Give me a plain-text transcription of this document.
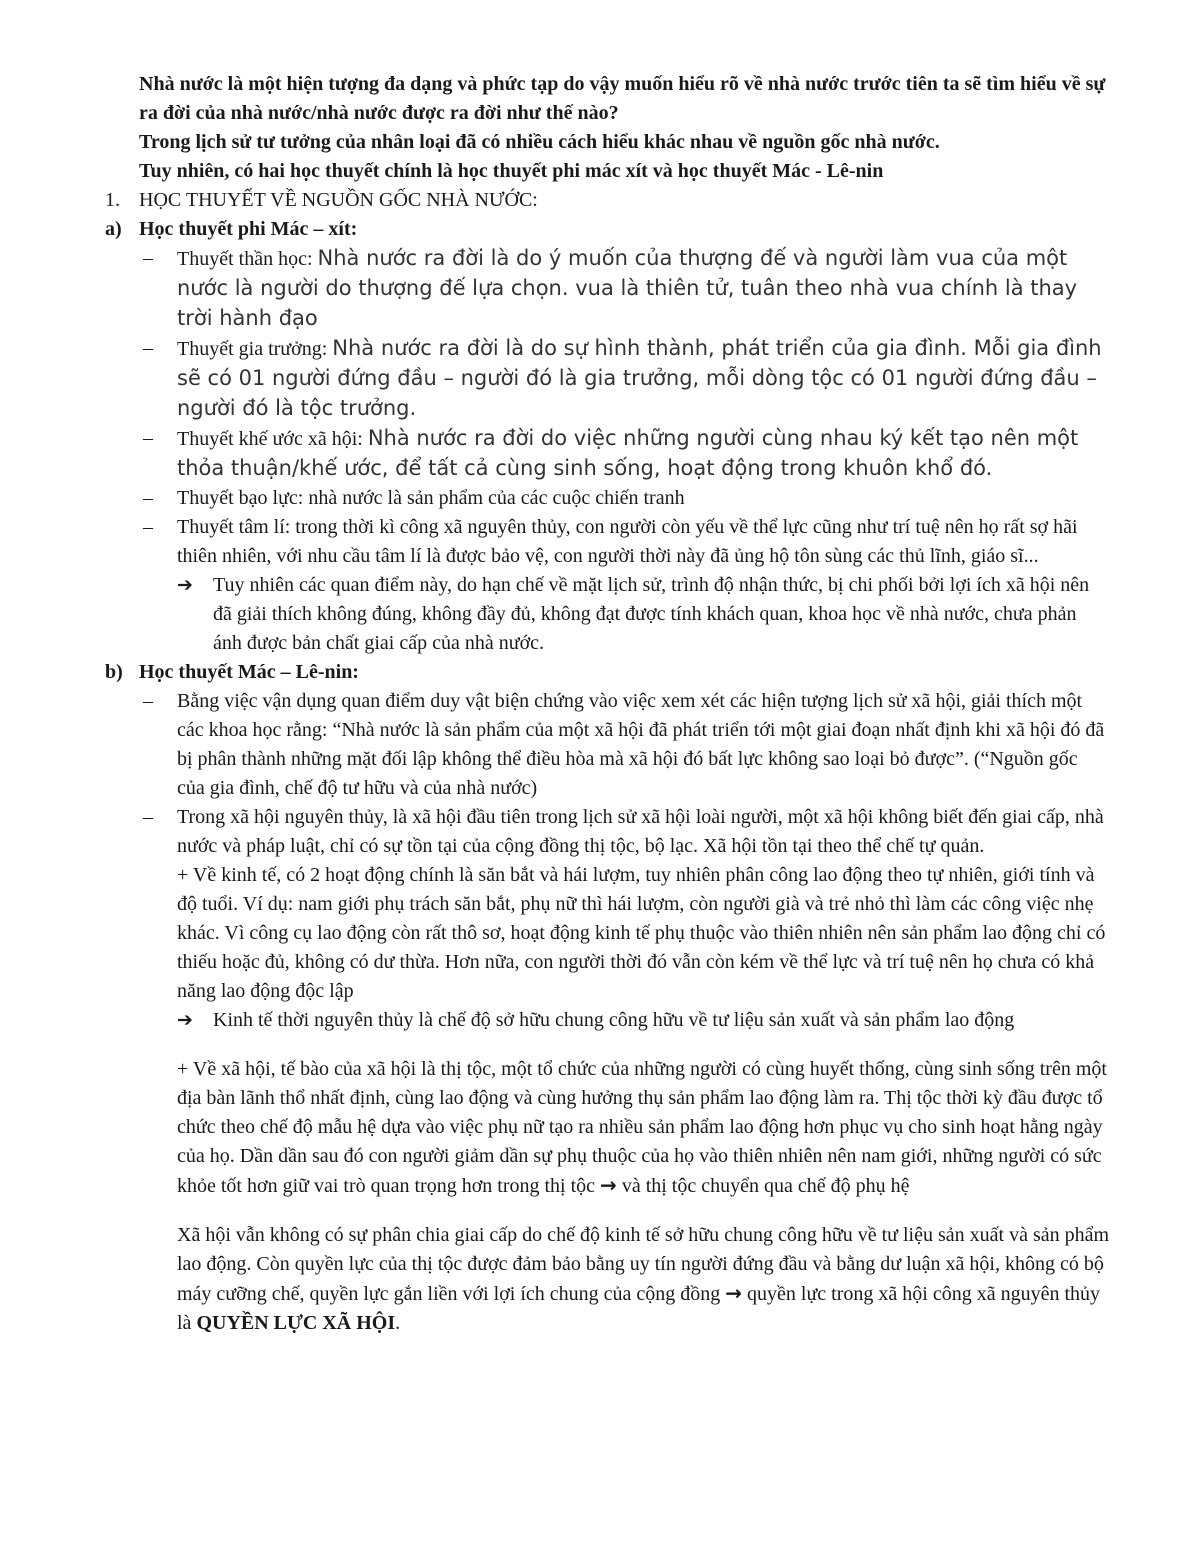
Nhà nước là một hiện tượng đa dạng và phức tạp do vậy muốn hiểu rõ về nhà nước trước tiên ta sẽ tìm hiểu về sự ra đời của nhà nước/nhà nước được ra đời như thế nào?

Trong lịch sử tư tưởng của nhân loại đã có nhiều cách hiểu khác nhau về nguồn gốc nhà nước.

Tuy nhiên, có hai học thuyết chính là học thuyết phi mác xít và học thuyết Mác - Lê-nin

1. HỌC THUYẾT VỀ NGUỒN GỐC NHÀ NƯỚC:
a) Học thuyết phi Mác – xít:
–	Thuyết thần học: Nhà nước ra đời là do ý muốn của thượng đế và người làm vua của một nước là người do thượng đế lựa chọn. vua là thiên tử, tuân theo nhà vua chính là thay trời hành đạo
–	Thuyết gia trưởng: Nhà nước ra đời là do sự hình thành, phát triển của gia đình. Mỗi gia đình sẽ có 01 người đứng đầu – người đó là gia trưởng, mỗi dòng tộc có 01 người đứng đầu – người đó là tộc trưởng.
–	Thuyết khế ước xã hội: Nhà nước ra đời do việc những người cùng nhau ký kết tạo nên một thỏa thuận/khế ước, để tất cả cùng sinh sống, hoạt động trong khuôn khổ đó.
–	Thuyết bạo lực: nhà nước là sản phẩm của các cuộc chiến tranh
–	Thuyết tâm lí: trong thời kì công xã nguyên thủy, con người còn yếu về thể lực cũng như trí tuệ nên họ rất sợ hãi thiên nhiên, với nhu cầu tâm lí là được bảo vệ, con người thời này đã ủng hộ tôn sùng các thủ lĩnh, giáo sĩ...
➔	Tuy nhiên các quan điểm này, do hạn chế về mặt lịch sử, trình độ nhận thức, bị chi phối bởi lợi ích xã hội nên đã giải thích không đúng, không đầy đủ, không đạt được tính khách quan, khoa học về nhà nước, chưa phản ánh được bản chất giai cấp của nhà nước.
b) Học thuyết Mác – Lê-nin:
–	Bằng việc vận dụng quan điểm duy vật biện chứng vào việc xem xét các hiện tượng lịch sử xã hội, giải thích một các khoa học rằng: “Nhà nước là sản phẩm của một xã hội đã phát triển tới một giai đoạn nhất định khi xã hội đó đã bị phân thành những mặt đối lập không thể điều hòa mà xã hội đó bất lực không sao loại bỏ được”. (“Nguồn gốc của gia đình, chế độ tư hữu và của nhà nước)
–	Trong xã hội nguyên thủy, là xã hội đầu tiên trong lịch sử xã hội loài người, một xã hội không biết đến giai cấp, nhà nước và pháp luật, chỉ có sự tồn tại của cộng đồng thị tộc, bộ lạc. Xã hội tồn tại theo thể chế tự quản.

+ Về kinh tế, có 2 hoạt động chính là săn bắt và hái lượm, tuy nhiên phân công lao động theo tự nhiên, giới tính và độ tuổi. Ví dụ: nam giới phụ trách săn bắt, phụ nữ thì hái lượm, còn người già và trẻ nhỏ thì làm các công việc nhẹ khác. Vì công cụ lao động còn rất thô sơ, hoạt động kinh tế phụ thuộc vào thiên nhiên nên sản phẩm lao động chỉ có thiếu hoặc đủ, không có dư thừa. Hơn nữa, con người thời đó vẫn còn kém về thể lực và trí tuệ nên họ chưa có khả năng lao động độc lập

➔	Kinh tế thời nguyên thủy là chế độ sở hữu chung công hữu về tư liệu sản xuất và sản phẩm lao động

+ Về xã hội, tế bào của xã hội là thị tộc, một tổ chức của những người có cùng huyết thống, cùng sinh sống trên một địa bàn lãnh thổ nhất định, cùng lao động và cùng hưởng thụ sản phẩm lao động làm ra. Thị tộc thời kỳ đầu được tổ chức theo chế độ mẫu hệ dựa vào việc phụ nữ tạo ra nhiều sản phẩm lao động hơn phục vụ cho sinh hoạt hằng ngày của họ. Dần dần sau đó con người giảm dần sự phụ thuộc của họ vào thiên nhiên nên nam giới, những người có sức khỏe tốt hơn giữ vai trò quan trọng hơn trong thị tộc → và thị tộc chuyển qua chế độ phụ hệ

Xã hội vẫn không có sự phân chia giai cấp do chế độ kinh tế sở hữu chung công hữu về tư liệu sản xuất và sản phẩm lao động. Còn quyền lực của thị tộc được đảm bảo bằng uy tín người đứng đầu và bằng dư luận xã hội, không có bộ máy cưỡng chế, quyền lực gắn liền với lợi ích chung của cộng đồng → quyền lực trong xã hội công xã nguyên thủy là QUYỀN LỰC XÃ HỘI.
